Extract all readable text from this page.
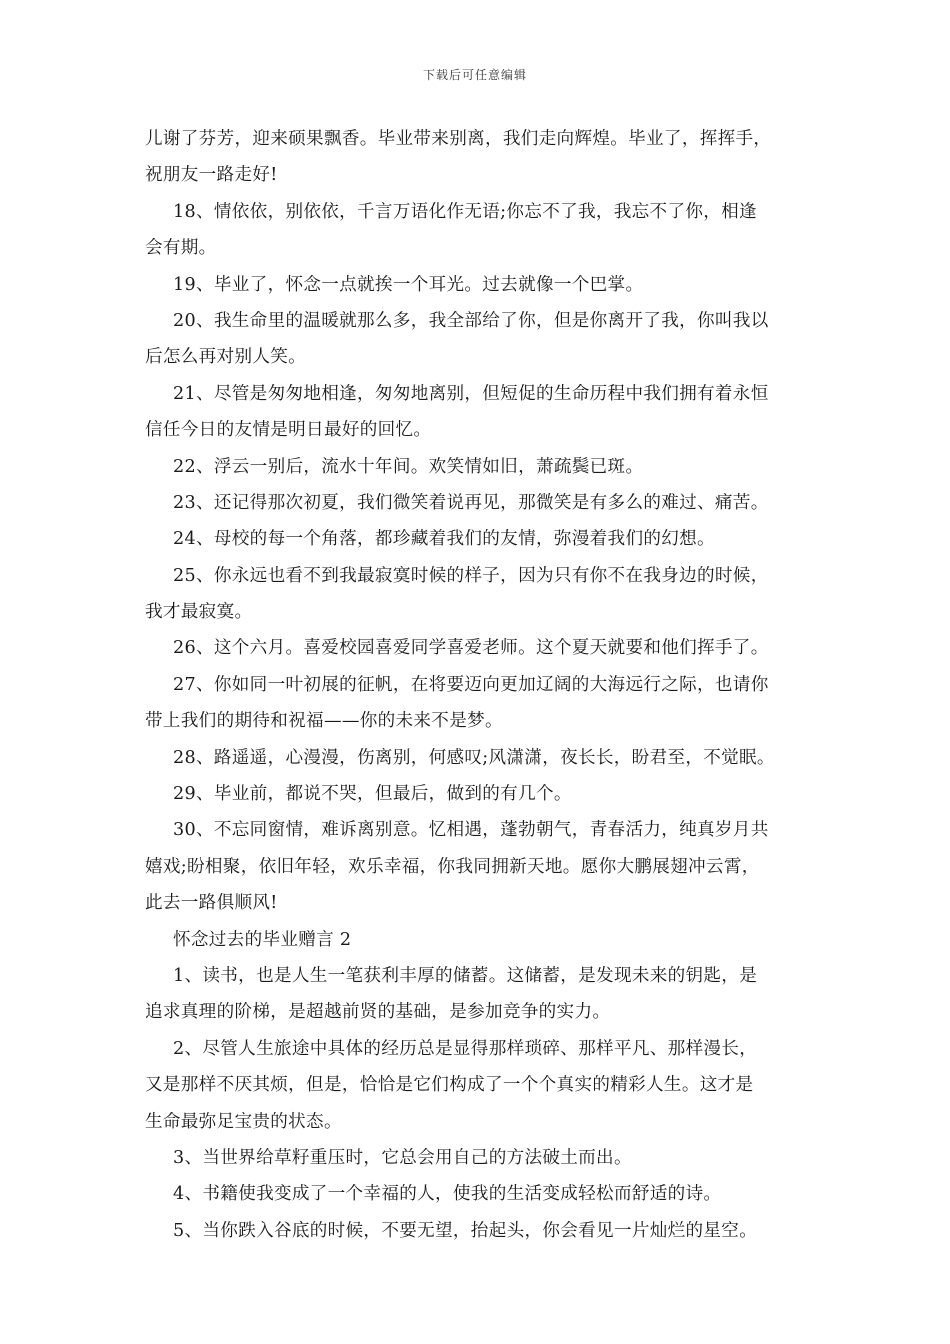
下载后可任意编辑
儿谢了芬芳，迎来硕果飘香。毕业带来别离，我们走向辉煌。毕业了，挥挥手，
祝朋友一路走好!
18、情依依，别依依，千言万语化作无语;你忘不了我，我忘不了你，相逢
会有期。
19、毕业了，怀念一点就挨一个耳光。过去就像一个巴掌。
20、我生命里的温暖就那么多，我全部给了你，但是你离开了我，你叫我以
后怎么再对别人笑。
21、尽管是匆匆地相逢，匆匆地离别，但短促的生命历程中我们拥有着永恒
信任今日的友情是明日最好的回忆。
22、浮云一别后，流水十年间。欢笑情如旧，萧疏鬓已斑。
23、还记得那次初夏，我们微笑着说再见，那微笑是有多么的难过、痛苦。
24、母校的每一个角落，都珍藏着我们的友情，弥漫着我们的幻想。
25、你永远也看不到我最寂寞时候的样子，因为只有你不在我身边的时候，
我才最寂寞。
26、这个六月。喜爱校园喜爱同学喜爱老师。这个夏天就要和他们挥手了。
27、你如同一叶初展的征帆，在将要迈向更加辽阔的大海远行之际，也请你
带上我们的期待和祝福——你的未来不是梦。
28、路遥遥，心漫漫，伤离别，何感叹;风潇潇，夜长长，盼君至，不觉眠。
29、毕业前，都说不哭，但最后，做到的有几个。
30、不忘同窗情，难诉离别意。忆相遇，蓬勃朝气，青春活力，纯真岁月共
嬉戏;盼相聚，依旧年轻，欢乐幸福，你我同拥新天地。愿你大鹏展翅冲云霄，
此去一路俱顺风!
怀念过去的毕业赠言 2
1、读书，也是人生一笔获利丰厚的储蓄。这储蓄，是发现未来的钥匙，是
追求真理的阶梯，是超越前贤的基础，是参加竞争的实力。
2、尽管人生旅途中具体的经历总是显得那样琐碎、那样平凡、那样漫长，
又是那样不厌其烦，但是，恰恰是它们构成了一个个真实的精彩人生。这才是
生命最弥足宝贵的状态。
3、当世界给草籽重压时，它总会用自己的方法破土而出。
4、书籍使我变成了一个幸福的人，使我的生活变成轻松而舒适的诗。
5、当你跌入谷底的时候，不要无望，抬起头，你会看见一片灿烂的星空。
